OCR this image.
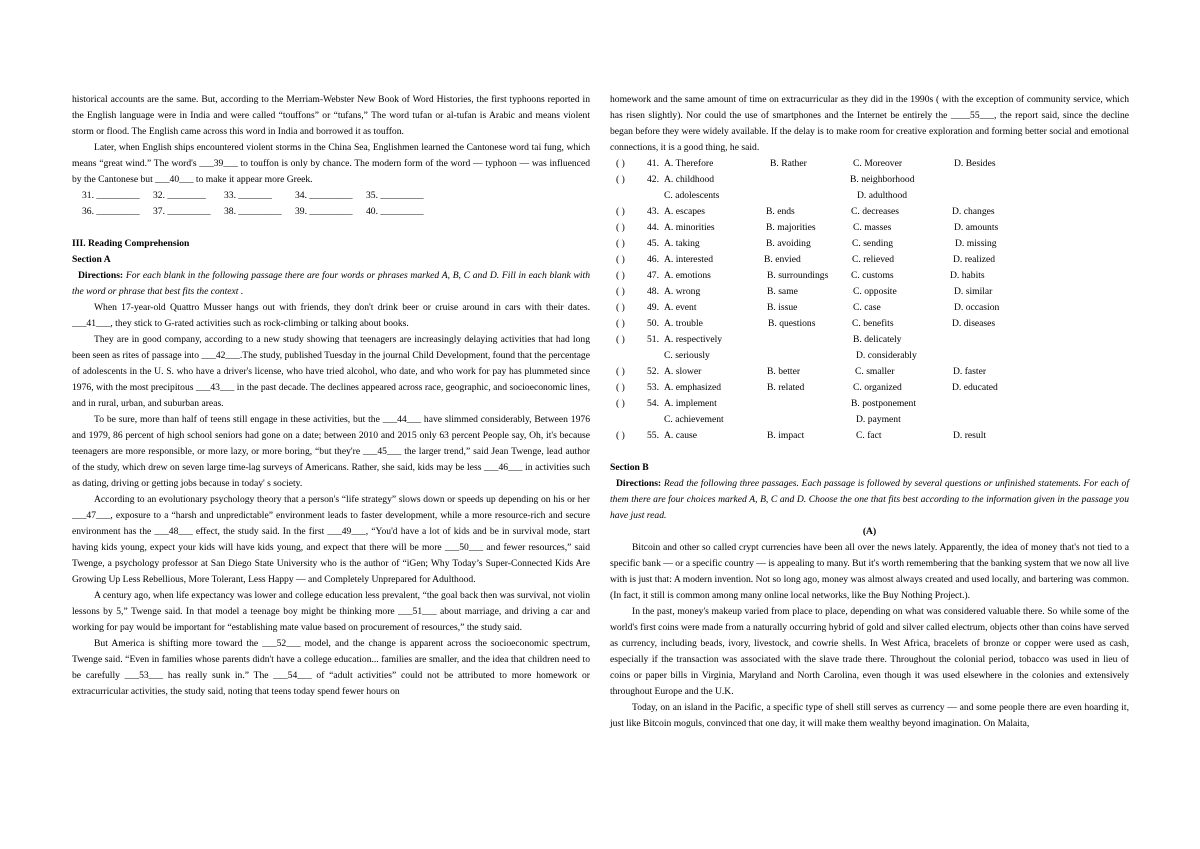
historical accounts are the same. But, according to the Merriam-Webster New Book of Word Histories, the first typhoons reported in the English language were in India and were called “touffons” or “tufans,” The word tufan or al-tufan is Arabic and means violent storm or flood. The English came across this word in India and borrowed it as touffon.

Later, when English ships encountered violent storms in the China Sea, Englishmen learned the Cantonese word tai fung, which means “great wind.” The word's ___39___ to touffon is only by chance. The modern form of the word — typhoon — was influenced by the Cantonese but ___40___ to make it appear more Greek.

31. _________	32. ________	33. _______	34. _________	35. _________
36. _________	37. _________	38. _________	39. _________	40. _________

III. Reading Comprehension

Section A

Directions: For each blank in the following passage there are four words or phrases marked A, B, C and D. Fill in each blank with the word or phrase that best fits the context .

When 17-year-old Quattro Musser hangs out with friends, they don't drink beer or cruise around in cars with their dates. ___41___, they stick to G-rated activities such as rock-climbing or talking about books.

They are in good company, according to a new study showing that teenagers are increasingly delaying activities that had long been seen as rites of passage into ___42___.The study, published Tuesday in the journal Child Development, found that the percentage of adolescents in the U. S. who have a driver's license, who have tried alcohol, who date, and who work for pay has plummeted since 1976, with the most precipitous ___43___ in the past decade. The declines appeared across race, geographic, and socioeconomic lines, and in rural, urban, and suburban areas.

To be sure, more than half of teens still engage in these activities, but the ___44___ have slimmed considerably, Between 1976 and 1979, 86 percent of high school seniors had gone on a date; between 2010 and 2015 only 63 percent People say, Oh, it's because teenagers are more responsible, or more lazy, or more boring, “but they're ___45___ the larger trend,” said Jean Twenge, lead author of the study, which drew on seven large time-lag surveys of Americans. Rather, she said, kids may be less ___46___ in activities such as dating, driving or getting jobs because in today' s society.

According to an evolutionary psychology theory that a person's “life strategy” slows down or speeds up depending on his or her ___47___, exposure to a “harsh and unpredictable” environment leads to faster development, while a more resource-rich and secure environment has the ___48___ effect, the study said. In the first ___49___, “You'd have a lot of kids and be in survival mode, start having kids young, expect your kids will have kids young, and expect that there will be more ___50___ and fewer resources,” said Twenge, a psychology professor at San Diego State University who is the author of “iGen; Why Today’s Super-Connected Kids Are Growing Up Less Rebellious, More Tolerant, Less Happy — and Completely Unprepared for Adulthood.

A century ago, when life expectancy was lower and college education less prevalent, “the goal back then was survival, not violin lessons by 5,” Twenge said. In that model a teenage boy might be thinking more ___51___ about marriage, and driving a car and working for pay would be important for “establishing mate value based on procurement of resources,” the study said.

But America is shifting more toward the ___52___ model, and the change is apparent across the socioeconomic spectrum, Twenge said. “Even in families whose parents didn't have a college education... families are smaller, and the idea that children need to be carefully ___53___ has really sunk in.” The ___54___ of “adult activities” could not be attributed to more homework or extracurricular activities, the study said, noting that teens today spend fewer hours on

homework and the same amount of time on extracurricular as they did in the 1990s ( with the exception of community service, which has risen slightly). Nor could the use of smartphones and the Internet be entirely the ____55___, the report said, since the decline began before they were widely available. If the delay is to make room for creative exploration and forming better social and emotional connections, it is a good thing, he said.

( ) 41. A. Therefore	B. Rather	C. Moreover	D. Besides
( ) 42. A. childhood	B. neighborhood
C. adolescents	D. adulthood
( ) 43. A. escapes	B. ends	C. decreases	D. changes
( ) 44. A. minorities	B. majorities	C. masses	D. amounts
( ) 45. A. taking	B. avoiding	C. sending	D. missing
( ) 46. A. interested	B. envied	C. relieved	D. realized
( ) 47. A. emotions	B. surroundings C. customs	D. habits
( ) 48. A. wrong	B. same	C. opposite	D. similar
( ) 49. A. event	B. issue	C. case	D. occasion
( ) 50. A. trouble	B. questions	C. benefits	D. diseases
( ) 51. A. respectively	B. delicately
C. seriously	D. considerably
( ) 52. A. slower	B. better	C. smaller	D. faster
( ) 53. A. emphasized	B. related	C. organized	D. educated
( ) 54. A. implement	B. postponement
C. achievement	D. payment
( ) 55. A. cause	B. impact	C. fact	D. result

Section B

Directions: Read the following three passages. Each passage is followed by several questions or unfinished statements. For each of them there are four choices marked A, B, C and D. Choose the one that fits best according to the information given in the passage you have just read.

(A)

Bitcoin and other so called crypt currencies have been all over the news lately. Apparently, the idea of money that's not tied to a specific bank — or a specific country — is appealing to many. But it's worth remembering that the banking system that we now all live with is just that: A modern invention. Not so long ago, money was almost always created and used locally, and bartering was common. (In fact, it still is common among many online local networks, like the Buy Nothing Project.).

In the past, money's makeup varied from place to place, depending on what was considered valuable there. So while some of the world's first coins were made from a naturally occurring hybrid of gold and silver called electrum, objects other than coins have served as currency, including beads, ivory, livestock, and cowrie shells. In West Africa, bracelets of bronze or copper were used as cash, especially if the transaction was associated with the slave trade there. Throughout the colonial period, tobacco was used in lieu of coins or paper bills in Virginia, Maryland and North Carolina, even though it was used elsewhere in the colonies and extensively throughout Europe and the U.K.

Today, on an island in the Pacific, a specific type of shell still serves as currency — and some people there are even hoarding it, just like Bitcoin moguls, convinced that one day, it will make them wealthy beyond imagination. On Malaita,
